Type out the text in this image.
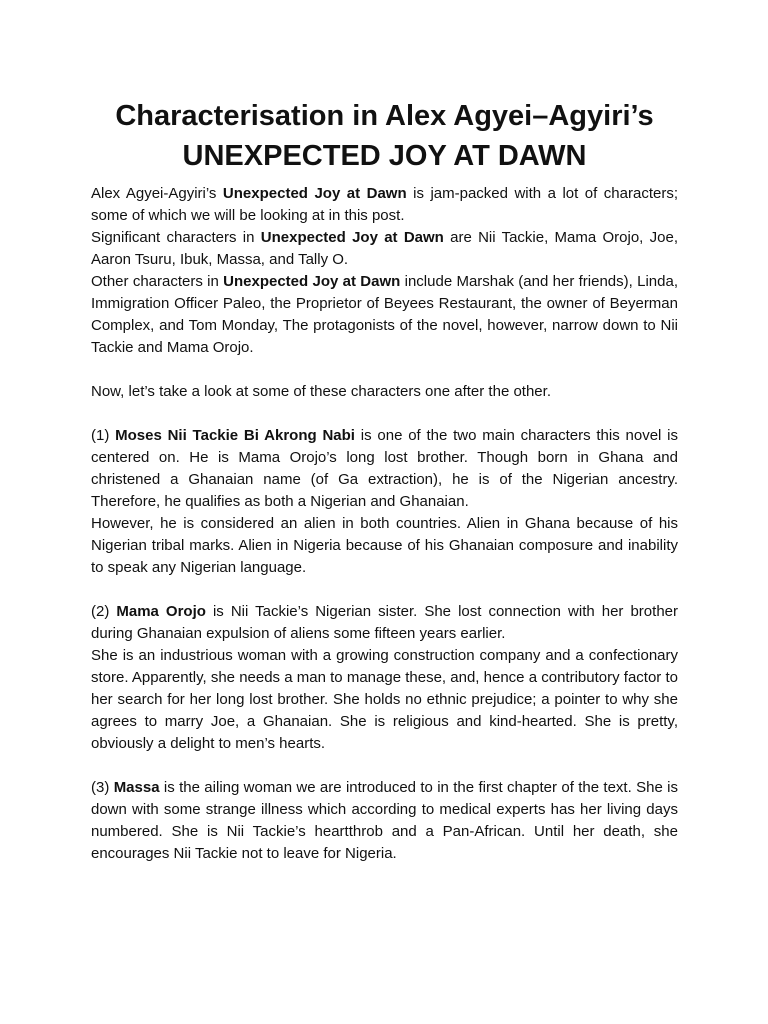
Characterisation in Alex Agyei–Agyiri’s
UNEXPECTED JOY AT DAWN

Alex Agyei-Agyiri’s Unexpected Joy at Dawn is jam-packed with a lot of characters; some of which we will be looking at in this post.

Significant characters in Unexpected Joy at Dawn are Nii Tackie, Mama Orojo, Joe, Aaron Tsuru, Ibuk, Massa, and Tally O.

Other characters in Unexpected Joy at Dawn include Marshak (and her friends), Linda, Immigration Officer Paleo, the Proprietor of Beyees Restaurant, the owner of Beyerman Complex, and Tom Monday, The protagonists of the novel, however, narrow down to Nii Tackie and Mama Orojo.

Now, let’s take a look at some of these characters one after the other.

(1) Moses Nii Tackie Bi Akrong Nabi is one of the two main characters this novel is centered on. He is Mama Orojo’s long lost brother. Though born in Ghana and christened a Ghanaian name (of Ga extraction), he is of the Nigerian ancestry. Therefore, he qualifies as both a Nigerian and Ghanaian.

However, he is considered an alien in both countries. Alien in Ghana because of his Nigerian tribal marks. Alien in Nigeria because of his Ghanaian composure and inability to speak any Nigerian language.

(2) Mama Orojo is Nii Tackie’s Nigerian sister. She lost connection with her brother during Ghanaian expulsion of aliens some fifteen years earlier.

She is an industrious woman with a growing construction company and a confectionary store. Apparently, she needs a man to manage these, and, hence a contributory factor to her search for her long lost brother. She holds no ethnic prejudice; a pointer to why she agrees to marry Joe, a Ghanaian. She is religious and kind-hearted. She is pretty, obviously a delight to men’s hearts.

(3) Massa is the ailing woman we are introduced to in the first chapter of the text. She is down with some strange illness which according to medical experts has her living days numbered. She is Nii Tackie’s heartthrob and a Pan-African. Until her death, she encourages Nii Tackie not to leave for Nigeria.
